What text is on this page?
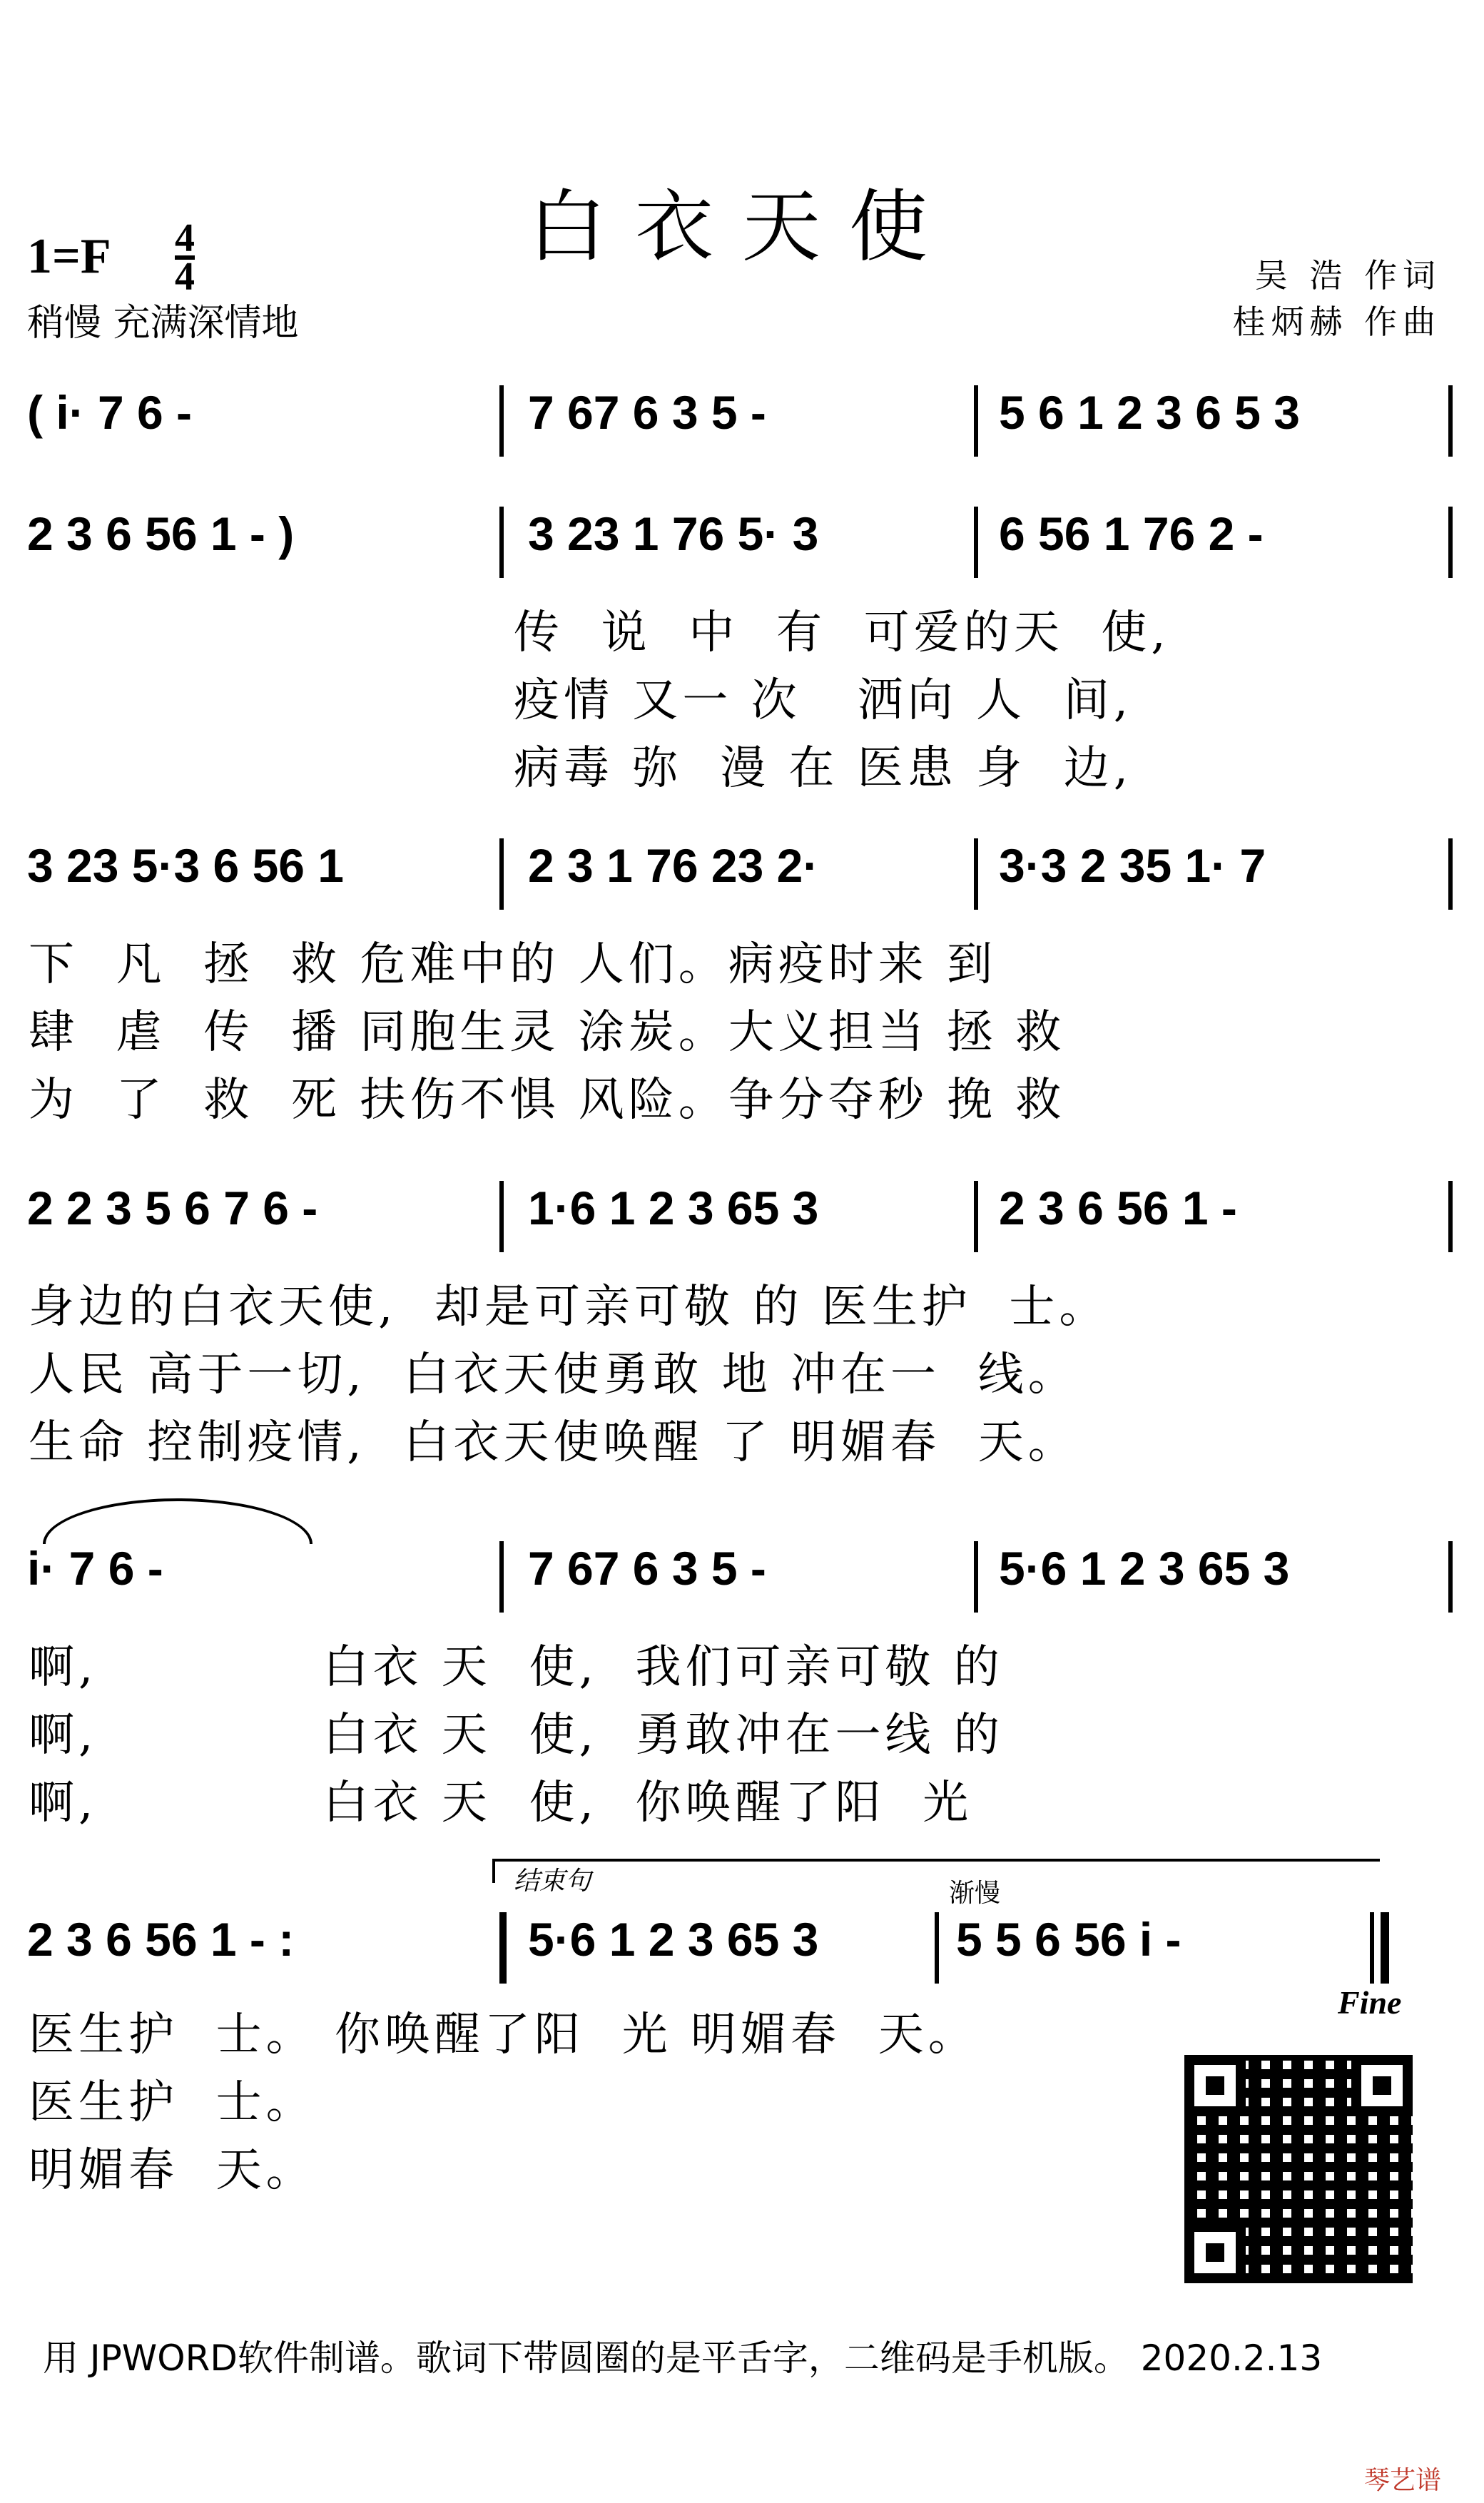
白衣天使
1=F 4
4
稍慢 充满深情地
吴 浩 作词
桂炳赫 作曲
( i· 7 6 -	7 67 6 3 5 -	5 6 1 2 3 6 5 3
2 3 6 56 1 - )	3 23 1 76 5· 3	6 56 1 76 2 -
传  说  中  有  可爱的天  使,
疫情 又一 次   洒向 人  间,
病毒 弥  漫 在 医患 身  边,
3 23 5·3 6 56 1	2 3 1 76 23 2·	3·3 2 35 1· 7
下  凡  拯  救 危难中的 人们。病疫时来 到
肆  虐  传  播 同胞生灵 涂炭。大义担当 拯 救
为  了  救  死 扶伤不惧 风险。争分夺秒 挽 救
2 2 3 5 6 7 6 -	1·6 1 2 3 65 3	2 3 6 56 1 -
身边的白衣天使,  却是可亲可敬 的 医生护  士。
人民 高于一切,  白衣天使勇敢 地 冲在一  线。
生命 控制疫情,  白衣天使唤醒 了 明媚春  天。
i· 7 6 -	7 67 6 3 5 -	5·6 1 2 3 65 3
啊,            白衣 天  使,  我们可亲可敬 的
啊,            白衣 天  使,  勇敢冲在一线 的
啊,            白衣 天  使,  你唤醒了阳  光
结束句	渐慢
2 3 6 56 1 - :	5·6 1 2 3 65 3	5 5 6 56 i -
Fine
医生护  士。 你唤醒了阳  光 明媚春  天。
医生护  士。
明媚春  天。
用 JPWORD软件制谱。歌词下带圆圈的是平舌字，二维码是手机版。 2020.2.13
琴艺谱
